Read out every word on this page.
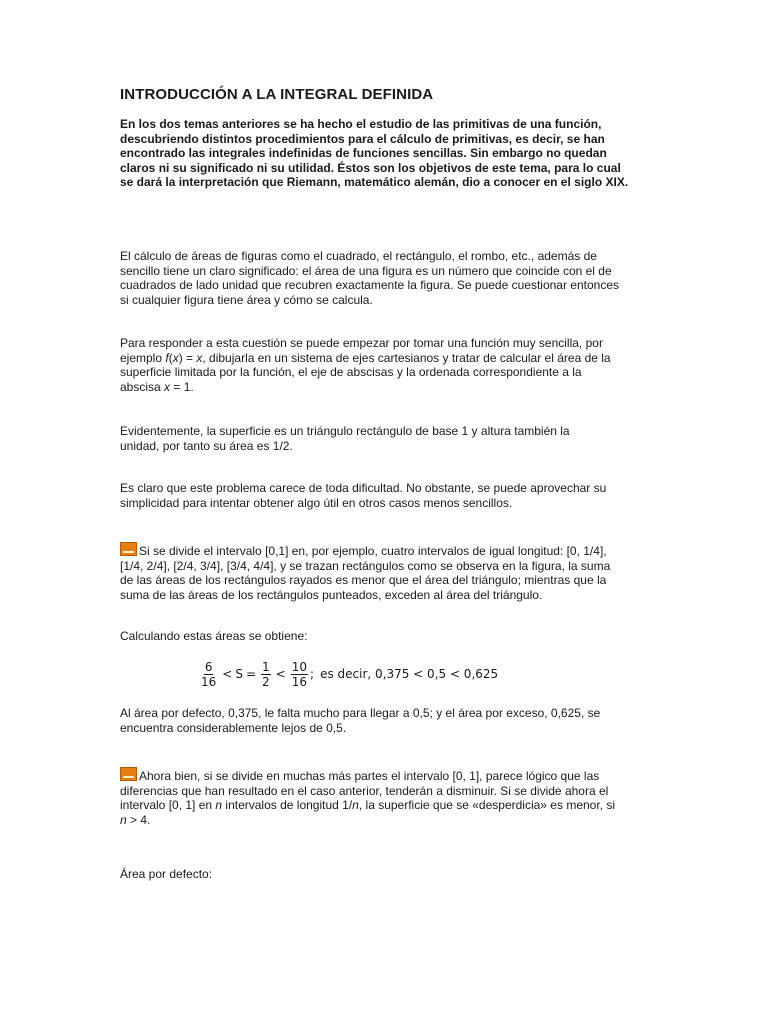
INTRODUCCIÓN A LA INTEGRAL DEFINIDA

En los dos temas anteriores se ha hecho el estudio de las primitivas de una función, descubriendo distintos procedimientos para el cálculo de primitivas, es decir, se han encontrado las integrales indefinidas de funciones sencillas. Sin embargo no quedan claros ni su significado ni su utilidad. Éstos son los objetivos de este tema, para lo cual se dará la interpretación que Riemann, matemático alemán, dio a conocer en el siglo XIX.

El cálculo de áreas de figuras como el cuadrado, el rectángulo, el rombo, etc., además de sencillo tiene un claro significado: el área de una figura es un número que coincide con el de cuadrados de lado unidad que recubren exactamente la figura. Se puede cuestionar entonces si cualquier figura tiene área y cómo se calcula.

Para responder a esta cuestión se puede empezar por tomar una función muy sencilla, por ejemplo f(x) = x, dibujarla en un sistema de ejes cartesianos y tratar de calcular el área de la superficie limitada por la función, el eje de abscisas y la ordenada correspondiente a la abscisa x = 1.

Evidentemente, la superficie es un triángulo rectángulo de base 1 y altura también la unidad, por tanto su área es 1/2.

Es claro que este problema carece de toda dificultad. No obstante, se puede aprovechar su simplicidad para intentar obtener algo útil en otros casos menos sencillos.

Si se divide el intervalo [0,1] en, por ejemplo, cuatro intervalos de igual longitud: [0, 1/4], [1/4, 2/4], [2/4, 3/4], [3/4, 4/4], y se trazan rectángulos como se observa en la figura, la suma de las áreas de los rectángulos rayados es menor que el área del triángulo; mientras que la suma de las áreas de los rectángulos punteados, exceden al área del triángulo.

Calculando estas áreas se obtiene:

$\frac{6}{16} < S = \frac{1}{2} < \frac{10}{16}$ ; es decir, 0,375 < 0,5 < 0,625

Al área por defecto, 0,375, le falta mucho para llegar a 0,5; y el área por exceso, 0,625, se encuentra considerablemente lejos de 0,5.

Ahora bien, si se divide en muchas más partes el intervalo [0, 1], parece lógico que las diferencias que han resultado en el caso anterior, tenderán a disminuir. Si se divide ahora el intervalo [0, 1] en n intervalos de longitud 1/n, la superficie que se «desperdicia» es menor, si n > 4.

Área por defecto:
